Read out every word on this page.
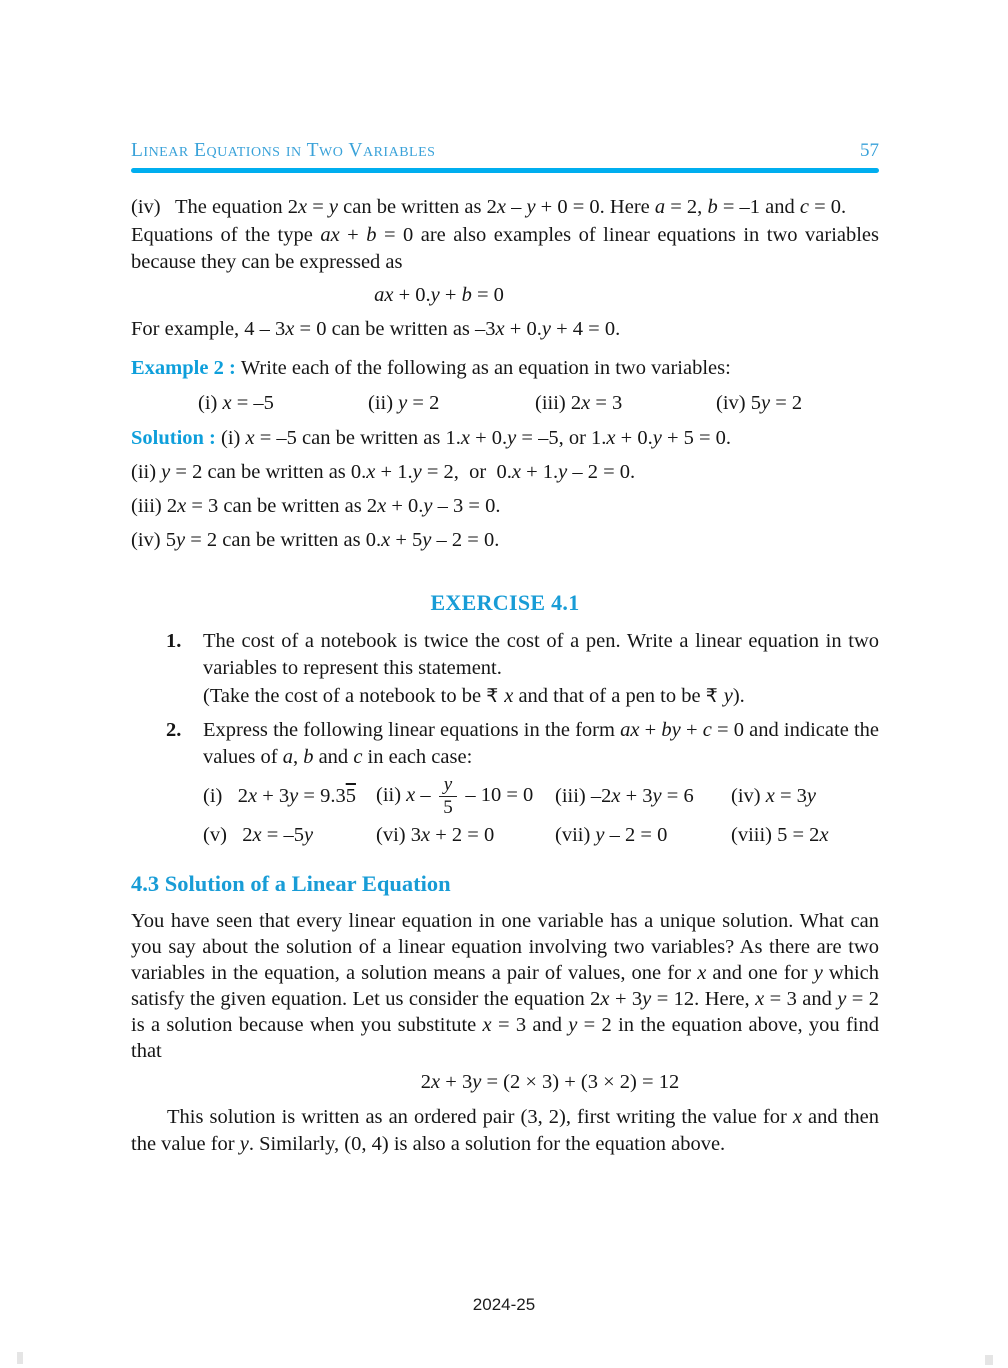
Linear Equations in Two Variables	57
(iv) The equation 2x = y can be written as 2x – y + 0 = 0. Here a = 2, b = –1 and c = 0.
Equations of the type ax + b = 0 are also examples of linear equations in two variables because they can be expressed as
ax + 0.y + b = 0
For example, 4 – 3x = 0 can be written as –3x + 0.y + 4 = 0.
Example 2 : Write each of the following as an equation in two variables:
(i) x = –5	(ii) y = 2	(iii) 2x = 3	(iv) 5y = 2
Solution : (i) x = –5 can be written as 1.x + 0.y = –5, or 1.x + 0.y + 5 = 0.
(ii) y = 2 can be written as 0.x + 1.y = 2, or 0.x + 1.y – 2 = 0.
(iii) 2x = 3 can be written as 2x + 0.y – 3 = 0.
(iv) 5y = 2 can be written as 0.x + 5y – 2 = 0.
EXERCISE 4.1
1. The cost of a notebook is twice the cost of a pen. Write a linear equation in two variables to represent this statement.
(Take the cost of a notebook to be ₹ x and that of a pen to be ₹ y).
2. Express the following linear equations in the form ax + by + c = 0 and indicate the values of a, b and c in each case:
(i)  2x + 3y = 9.35 (ii) $x - \frac{y}{5} - 10 = 0$	(iii) –2x + 3y = 6	(iv) x = 3y
(v)  2x = –5y	(vi) 3x + 2 = 0	(vii) y – 2 = 0	(viii) 5 = 2x
4.3 Solution of a Linear Equation
You have seen that every linear equation in one variable has a unique solution. What can you say about the solution of a linear equation involving two variables? As there are two variables in the equation, a solution means a pair of values, one for x and one for y which satisfy the given equation. Let us consider the equation 2x + 3y = 12. Here, x = 3 and y = 2 is a solution because when you substitute x = 3 and y = 2 in the equation above, you find that
2x + 3y = (2 × 3) + (3 × 2) = 12
This solution is written as an ordered pair (3, 2), first writing the value for x and then the value for y. Similarly, (0, 4) is also a solution for the equation above.
2024-25
